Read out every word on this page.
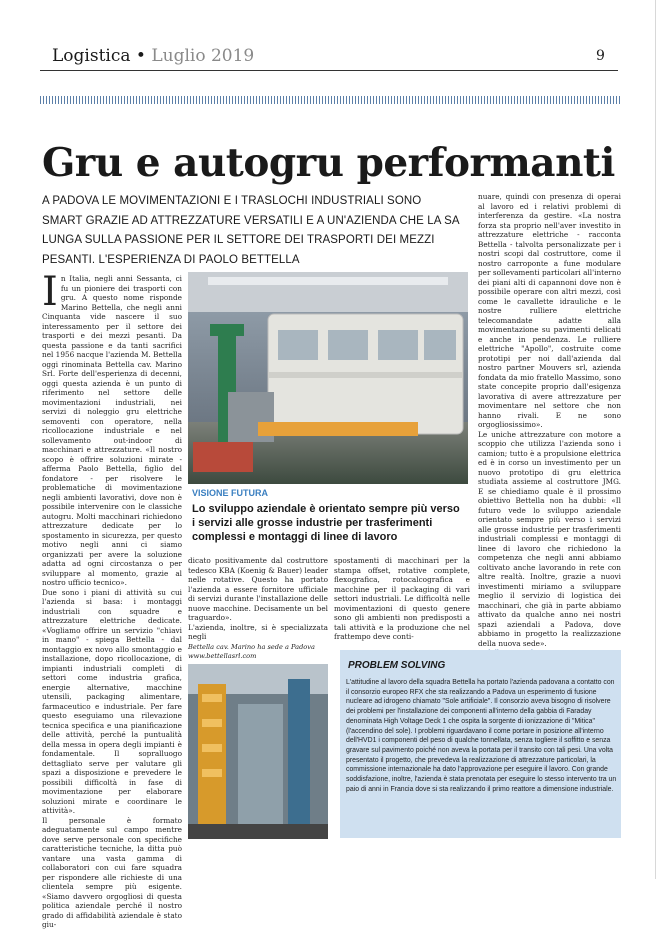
Logistica • Luglio 2019	9
Gru e autogru performanti
A PADOVA LE MOVIMENTAZIONI E I TRASLOCHI INDUSTRIALI SONO SMART GRAZIE AD ATTREZZATURE VERSATILI E A UN'AZIENDA CHE LA SA LUNGA SULLA PASSIONE PER IL SETTORE DEI TRASPORTI DEI MEZZI PESANTI. L'ESPERIENZA DI PAOLO BETTELLA

In Italia, negli anni Sessanta, ci fu un pioniere dei trasporti con gru. A questo nome risponde Marino Bettella, che negli anni Cinquanta vide nascere il suo interessamento per il settore dei trasporti e dei mezzi pesanti. Da questa passione e da tanti sacrifici nel 1956 nacque l'azienda M. Bettella oggi rinominata Bettella cav. Marino Srl. Forte dell'esperienza di decenni, oggi questa azienda è un punto di riferimento nel settore delle movimentazioni industriali, nei servizi di noleggio gru elettriche semoventi con operatore, nella ricollocazione industriale e nel sollevamento out-indoor di macchinari e attrezzature. «Il nostro scopo è offrire soluzioni mirate - afferma Paolo Bettella, figlio del fondatore - per risolvere le problematiche di movimentazione negli ambienti lavorativi, dove non è possibile intervenire con le classiche autogru. Molti macchinari richiedono attrezzature dedicate per lo spostamento in sicurezza, per questo motivo negli anni ci siamo organizzati per avere la soluzione adatta ad ogni circostanza o per sviluppare al momento, grazie al nostro ufficio tecnico».

Due sono i piani di attività su cui l'azienda si basa: i montaggi industriali con squadre e attrezzature elettriche dedicate. «Vogliamo offrire un servizio "chiavi in mano" - spiega Bettella - dal montaggio ex novo allo smontaggio e installazione, dopo ricollocazione, di impianti industriali completi di settori come industria grafica, energie alternative, macchine utensili, packaging alimentare, farmaceutico e industriale. Per fare questo eseguiamo una rilevazione tecnica specifica e una pianificazione delle attività, perché la puntualità della messa in opera degli impianti è fondamentale. Il sopralluogo dettagliato serve per valutare gli spazi a disposizione e prevedere le possibili difficoltà in fase di movimentazione per elaborare soluzioni mirate e coordinare le attività».

Il personale è formato adeguatamente sul campo mentre dove serve personale con specifiche caratteristiche tecniche, la ditta può vantare una vasta gamma di collaboratori con cui fare squadra per rispondere alle richieste di una clientela sempre più esigente. «Siamo davvero orgogliosi di questa politica aziendale perché il nostro grado di affidabilità aziendale è stato giu-

VISIONE FUTURA
Lo sviluppo aziendale è orientato sempre più verso i servizi alle grosse industrie per trasferimenti complessi e montaggi di linee di lavoro

dicato positivamente dal costruttore tedesco KBA (Koenig & Bauer) leader nelle rotative. Questo ha portato l'azienda a essere fornitore ufficiale di servizi durante l'installazione delle nuove macchine. Decisamente un bel traguardo».

L'azienda, inoltre, si è specializzata negli

spostamenti di macchinari per la stampa offset, rotative complete, flexografica, rotocalcografica e macchine per il packaging di vari settori industriali. Le difficoltà nelle movimentazioni di questo genere sono gli ambienti non predisposti a tali attività e la produzione che nel frattempo deve conti-

Bettella cav. Marino ha sede a Padova
www.bettellasrl.com

nuare, quindi con presenza di operai al lavoro ed i relativi problemi di interferenza da gestire. «La nostra forza sta proprio nell'aver investito in attrezzature elettriche - racconta Bettella - talvolta personalizzate per i nostri scopi dal costruttore, come il nostro carroponte a fune modulare per sollevamenti particolari all'interno dei piani alti di capannoni dove non è possibile operare con altri mezzi, così come le cavallette idrauliche e le nostre rulliere elettriche telecomandate adatte alla movimentazione su pavimenti delicati e anche in pendenza. Le rulliere elettriche "Apollo", costruite come prototipi per noi dall'azienda dal nostro partner Mouvers srl, azienda fondata da mio fratello Massimo, sono state concepite proprio dall'esigenza lavorativa di avere attrezzature per movimentare nel settore che non hanno rivali. E ne sono orgogliosissimo».

Le uniche attrezzature con motore a scoppio che utilizza l'azienda sono i camion; tutto è a propulsione elettrica ed è in corso un investimento per un nuovo prototipo di gru elettrica studiata assieme al costruttore JMG. E se chiediamo quale è il prossimo obiettivo Bettella non ha dubbi: «Il futuro vede lo sviluppo aziendale orientato sempre più verso i servizi alle grosse industrie per trasferimenti industriali complessi e montaggi di linee di lavoro che richiedono la competenza che negli anni abbiamo coltivato anche lavorando in rete con altre realtà. Inoltre, grazie a nuovi investimenti miriamo a sviluppare meglio il servizio di logistica dei macchinari, che già in parte abbiamo attivato da qualche anno nei nostri spazi aziendali a Padova, dove abbiamo in progetto la realizzazione della nuova sede».

PROBLEM SOLVING
L'attitudine al lavoro della squadra Bettella ha portato l'azienda padovana a contatto con il consorzio europeo RFX che sta realizzando a Padova un esperimento di fusione nucleare ad idrogeno chiamato "Sole artificiale". Il consorzio aveva bisogno di risolvere dei problemi per l'installazione dei componenti all'interno della gabbia di Faraday denominata High Voltage Deck 1 che ospita la sorgente di ionizzazione di "Mitica" (l'accendino del sole). I problemi riguardavano il come portare in posizione all'interno dell'HVD1 i componenti del peso di qualche tonnellata, senza togliere il soffitto e senza gravare sul pavimento poiché non aveva la portata per il transito con tali pesi. Una volta presentato il progetto, che prevedeva la realizzazione di attrezzature particolari, la commissione internazionale ha dato l'approvazione per eseguire il lavoro. Con grande soddisfazione, inoltre, l'azienda è stata prenotata per eseguire lo stesso intervento tra un paio di anni in Francia dove si sta realizzando il primo reattore a dimensione industriale.
